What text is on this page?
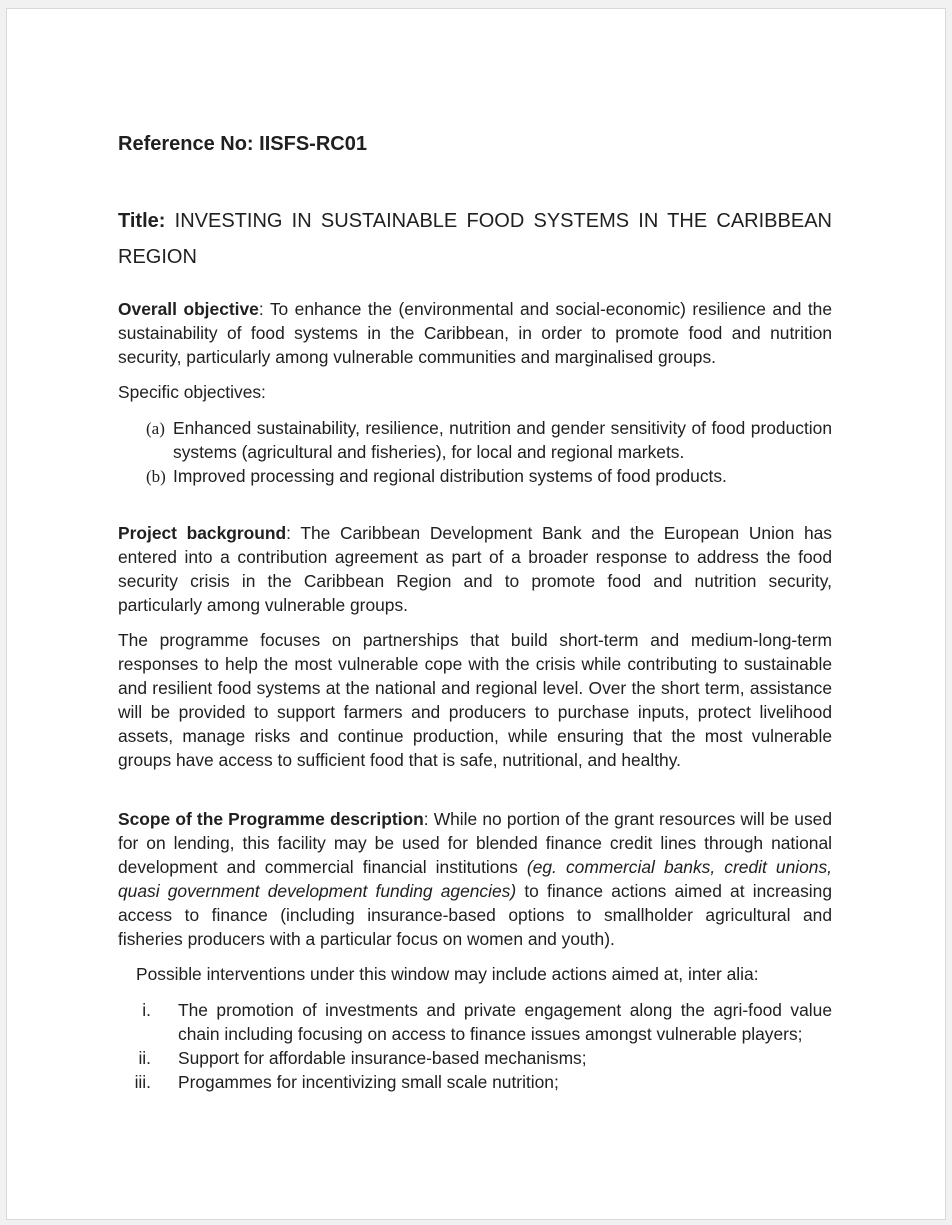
Reference No: IISFS-RC01
Title: INVESTING IN SUSTAINABLE FOOD SYSTEMS IN THE CARIBBEAN REGION
Overall objective: To enhance the (environmental and social-economic) resilience and the sustainability of food systems in the Caribbean, in order to promote food and nutrition security, particularly among vulnerable communities and marginalised groups.
Specific objectives:
(a) Enhanced sustainability, resilience, nutrition and gender sensitivity of food production systems (agricultural and fisheries), for local and regional markets.
(b) Improved processing and regional distribution systems of food products.
Project background: The Caribbean Development Bank and the European Union has entered into a contribution agreement as part of a broader response to address the food security crisis in the Caribbean Region and to promote food and nutrition security, particularly among vulnerable groups.
The programme focuses on partnerships that build short-term and medium-long-term responses to help the most vulnerable cope with the crisis while contributing to sustainable and resilient food systems at the national and regional level. Over the short term, assistance will be provided to support farmers and producers to purchase inputs, protect livelihood assets, manage risks and continue production, while ensuring that the most vulnerable groups have access to sufficient food that is safe, nutritional, and healthy.
Scope of the Programme description: While no portion of the grant resources will be used for on lending, this facility may be used for blended finance credit lines through national development and commercial financial institutions (eg. commercial banks, credit unions, quasi government development funding agencies) to finance actions aimed at increasing access to finance (including insurance-based options to smallholder agricultural and fisheries producers with a particular focus on women and youth).
Possible interventions under this window may include actions aimed at, inter alia:
i. The promotion of investments and private engagement along the agri-food value chain including focusing on access to finance issues amongst vulnerable players;
ii. Support for affordable insurance-based mechanisms;
iii. Progammes for incentivizing small scale nutrition;
